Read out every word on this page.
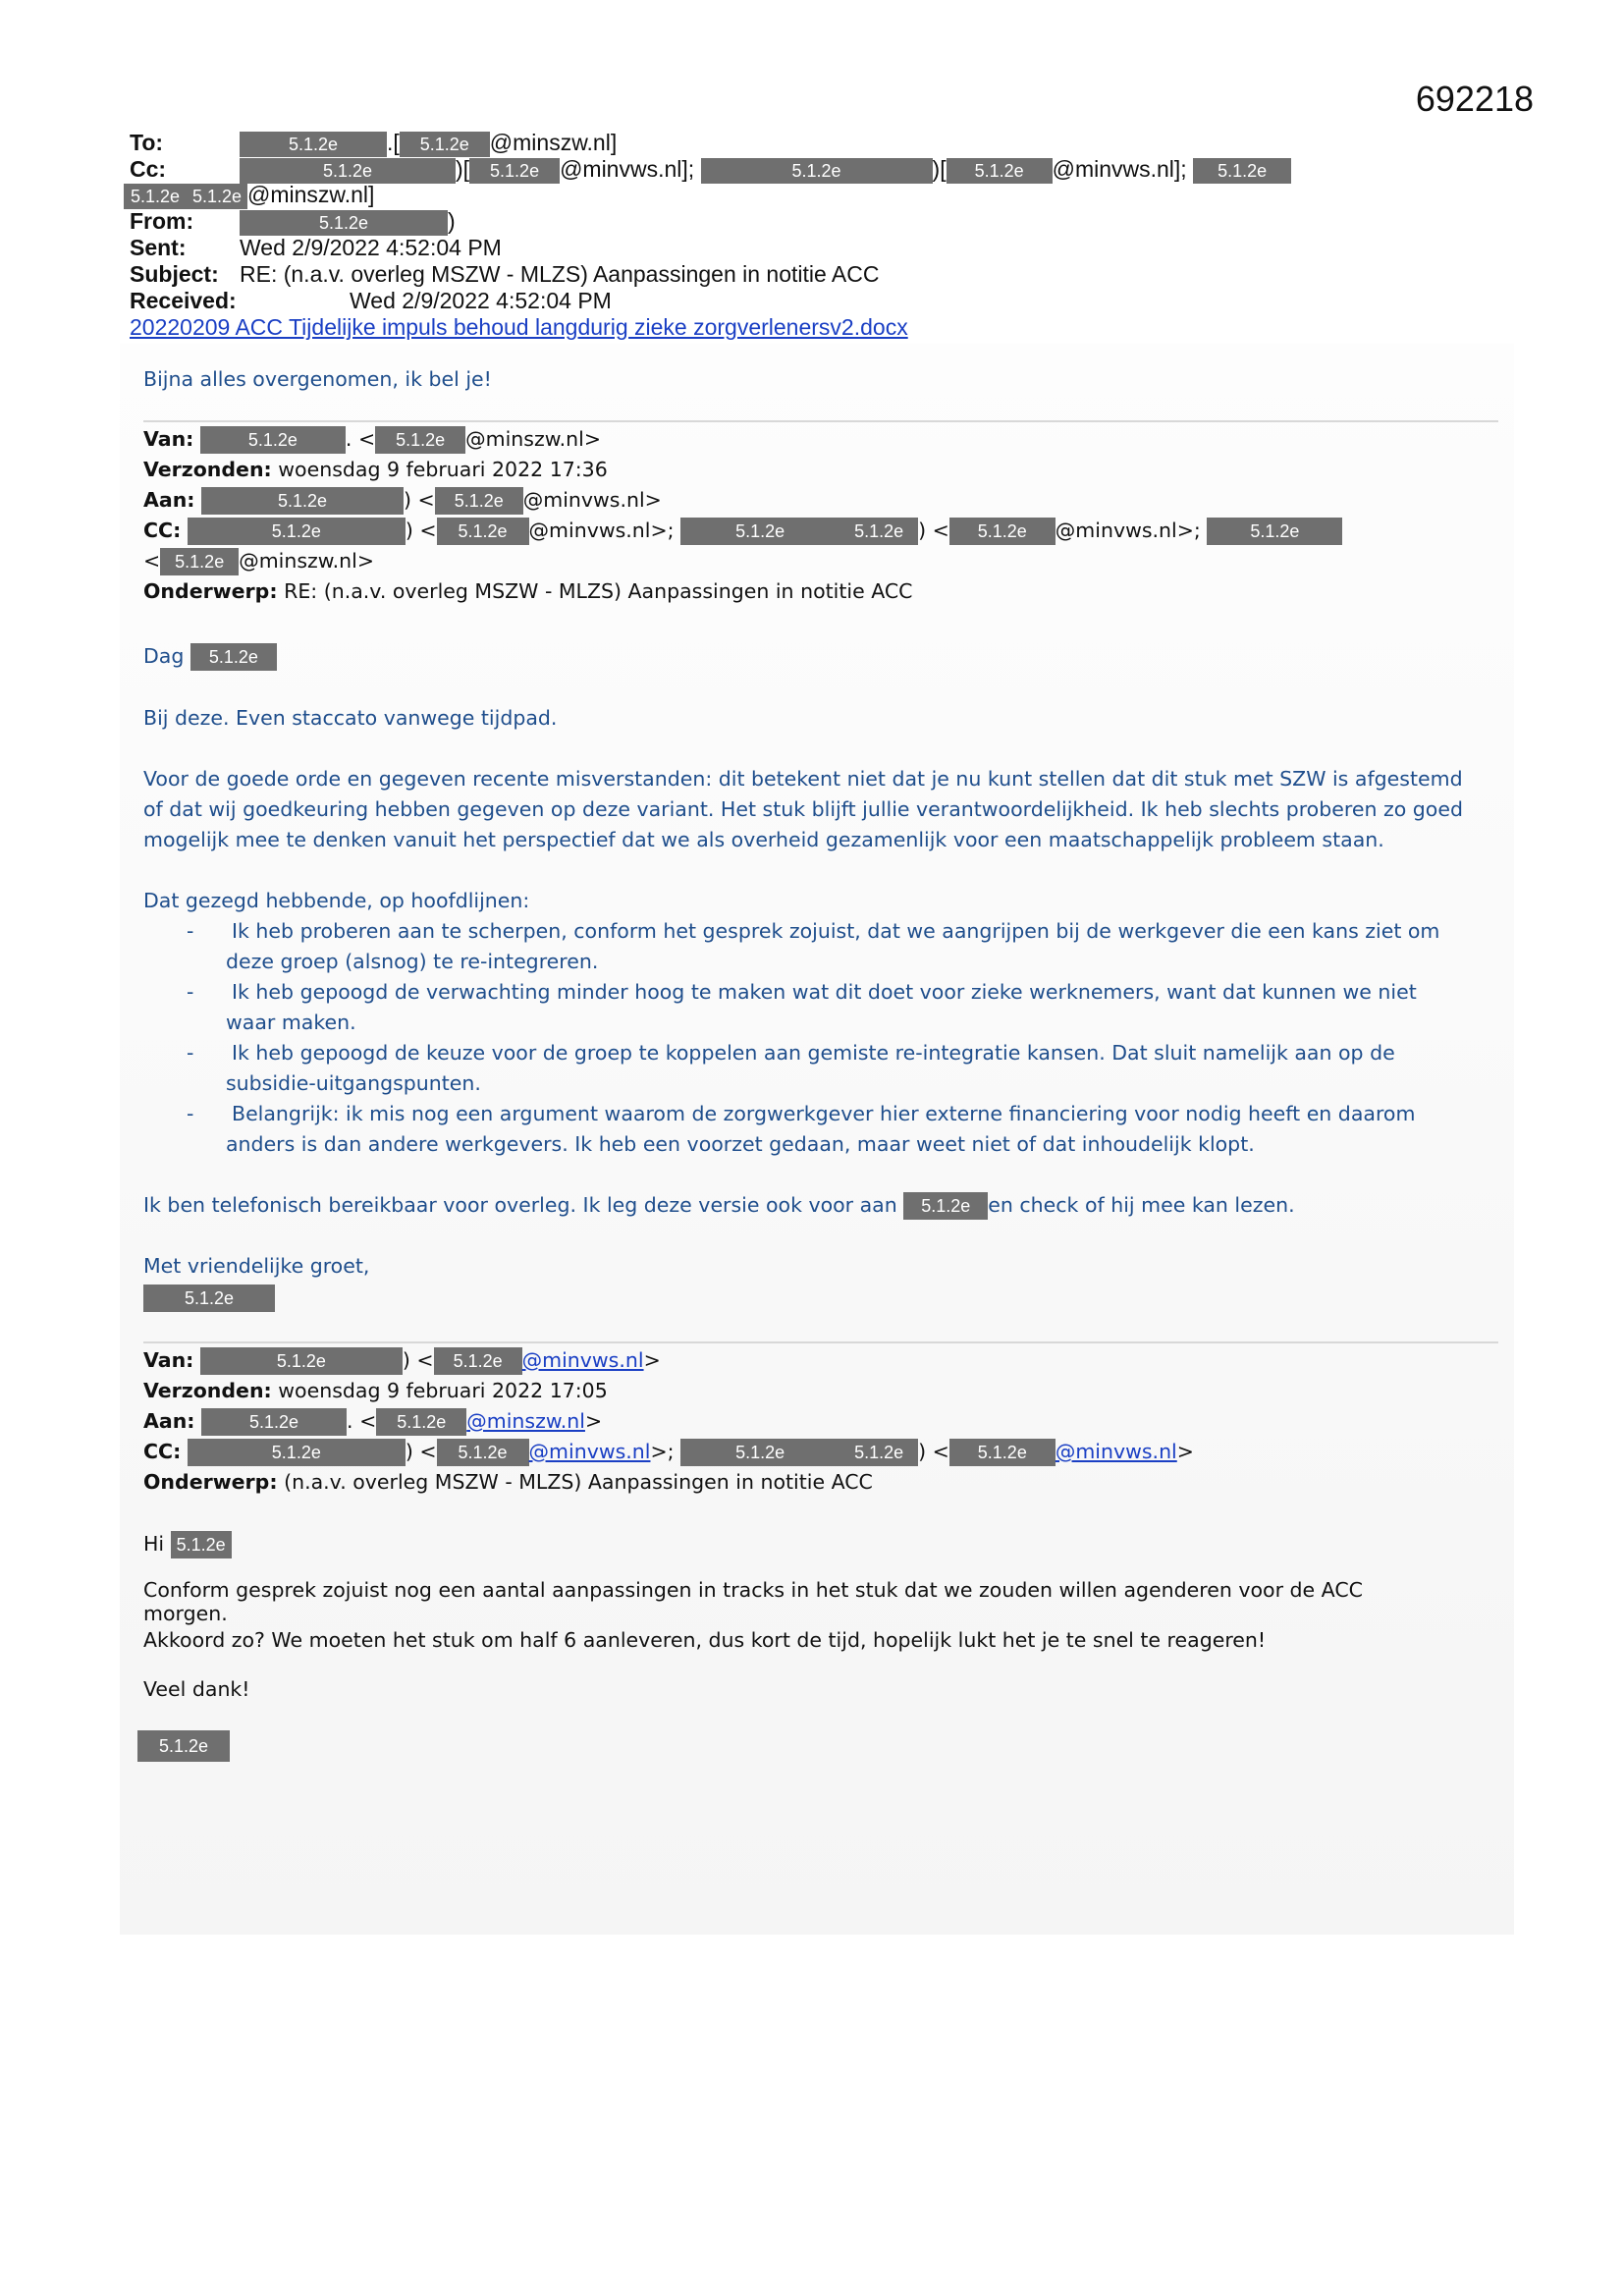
692218
To:	5.1.2e .[ 5.1.2e @minszw.nl]
Cc:	5.1.2e	)[ 5.1.2e @minvws.nl];	5.1.2e	)[ 5.1.2e @minvws.nl]; 5.1.2e
5.1.2e 5.1.2e @minszw.nl]
From:	5.1.2e	)
Sent: Wed 2/9/2022 4:52:04 PM
Subject: RE: (n.a.v. overleg MSZW - MLZS) Aanpassingen in notitie ACC
Received:	Wed 2/9/2022 4:52:04 PM
20220209 ACC Tijdelijke impuls behoud langdurig zieke zorgverlenersv2.docx
Bijna alles overgenomen, ik bel je!
Van:	5.1.2e . < 5.1.2e @minszw.nl>
Verzonden: woensdag 9 februari 2022 17:36
Aan:	5.1.2e	) < 5.1.2e @minvws.nl>
CC:	5.1.2e	) < 5.1.2e @minvws.nl>;	5.1.2e	5.1.2e ) < 5.1.2e @minvws.nl>;	5.1.2e
< 5.1.2e @minszw.nl>
Onderwerp: RE: (n.a.v. overleg MSZW - MLZS) Aanpassingen in notitie ACC
Dag 5.1.2e
Bij deze. Even staccato vanwege tijdpad.
Voor de goede orde en gegeven recente misverstanden: dit betekent niet dat je nu kunt stellen dat dit stuk met SZW is afgestemd
of dat wij goedkeuring hebben gegeven op deze variant. Het stuk blijft jullie verantwoordelijkheid. Ik heb slechts proberen zo goed
mogelijk mee te denken vanuit het perspectief dat we als overheid gezamenlijk voor een maatschappelijk probleem staan.
Dat gezegd hebbende, op hoofdlijnen:
- Ik heb proberen aan te scherpen, conform het gesprek zojuist, dat we aangrijpen bij de werkgever die een kans ziet om
deze groep (alsnog) te re-integreren.
- Ik heb gepoogd de verwachting minder hoog te maken wat dit doet voor zieke werknemers, want dat kunnen we niet
waar maken.
- Ik heb gepoogd de keuze voor de groep te koppelen aan gemiste re-integratie kansen. Dat sluit namelijk aan op de
subsidie-uitgangspunten.
- Belangrijk: ik mis nog een argument waarom de zorgwerkgever hier externe financiering voor nodig heeft en daarom
anders is dan andere werkgevers. Ik heb een voorzet gedaan, maar weet niet of dat inhoudelijk klopt.
Ik ben telefonisch bereikbaar voor overleg. Ik leg deze versie ook voor aan 5.1.2e en check of hij mee kan lezen.
Met vriendelijke groet,
5.1.2e
Van:	5.1.2e	) < 5.1.2e @minvws.nl>
Verzonden: woensdag 9 februari 2022 17:05
Aan:	5.1.2e . < 5.1.2e @minszw.nl>
CC:	5.1.2e	) < 5.1.2e @minvws.nl>;	5.1.2e	5.1.2e ) < 5.1.2e @minvws.nl>
Onderwerp: (n.a.v. overleg MSZW - MLZS) Aanpassingen in notitie ACC
Hi 5.1.2e
Conform gesprek zojuist nog een aantal aanpassingen in tracks in het stuk dat we zouden willen agenderen voor de ACC
morgen.
Akkoord zo? We moeten het stuk om half 6 aanleveren, dus kort de tijd, hopelijk lukt het je te snel te reageren!
Veel dank!
5.1.2e
